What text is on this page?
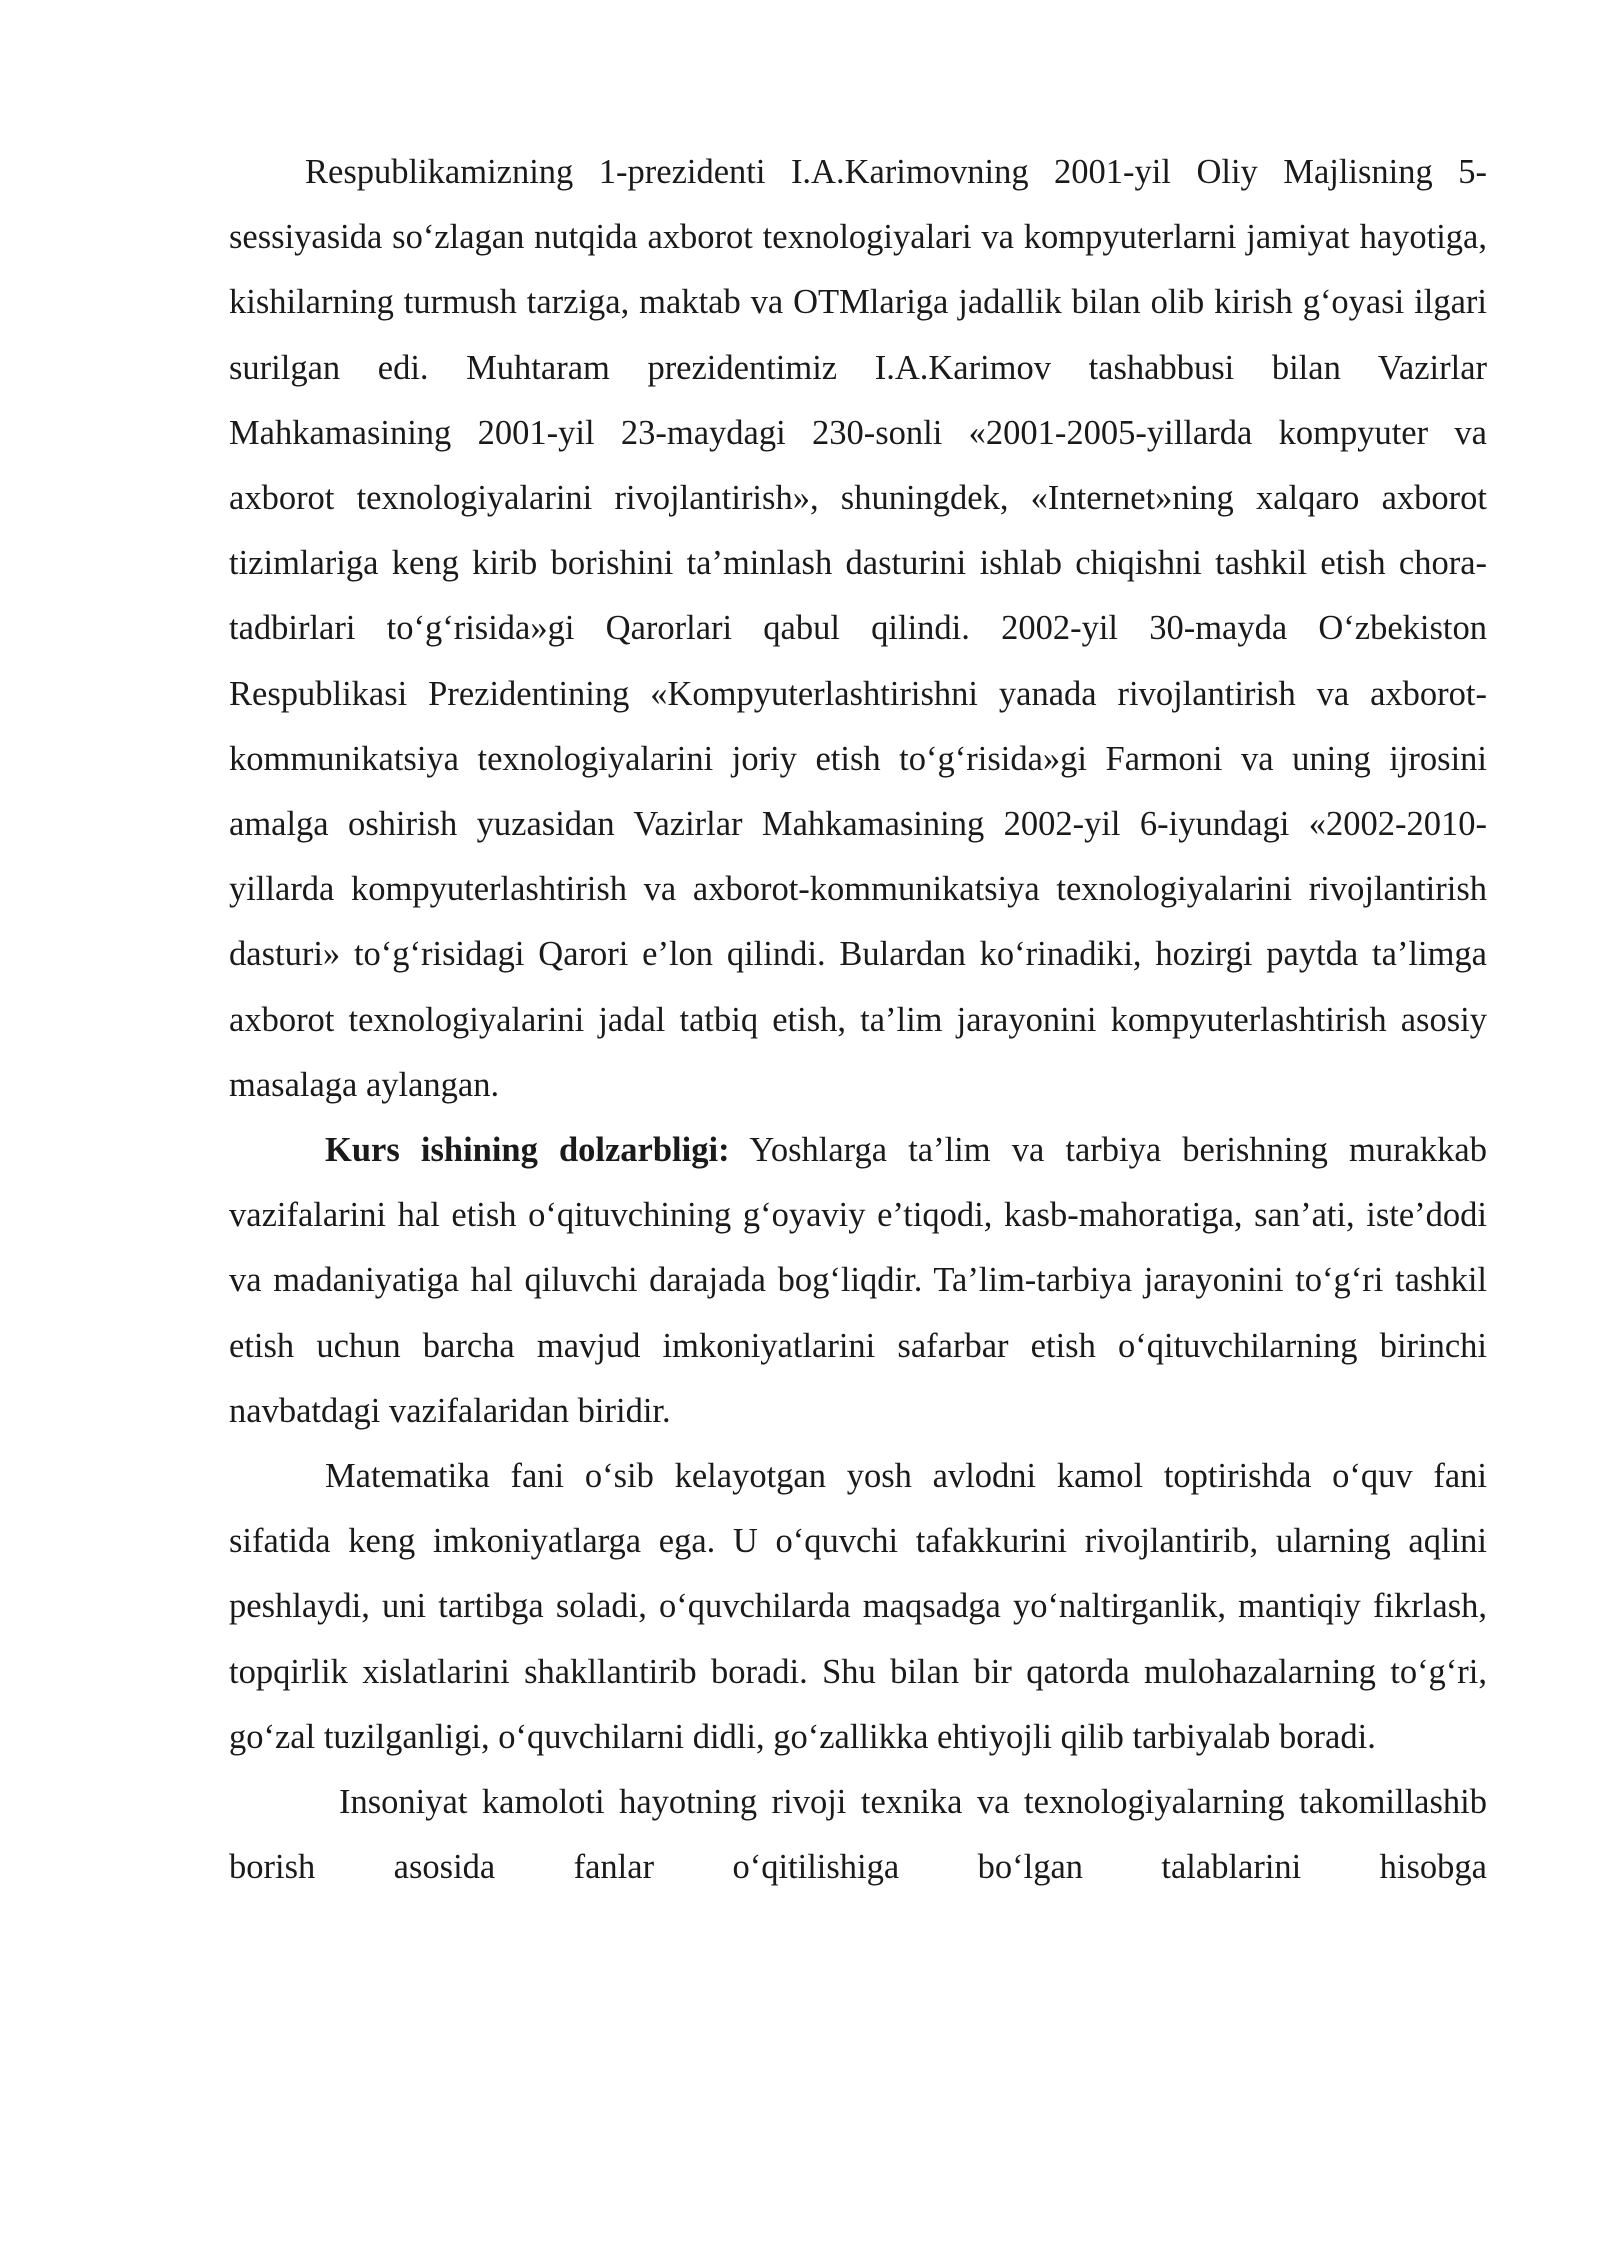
Respublikamizning 1-prezidenti I.A.Karimovning 2001-yil Oliy Majlisning 5-sessiyasida so‘zlagan nutqida axborot texnologiyalari va kompyuterlarni jamiyat hayotiga, kishilarning turmush tarziga, maktab va OTMlariga jadallik bilan olib kirish g‘oyasi ilgari surilgan edi. Muhtaram prezidentimiz I.A.Karimov tashabbusi bilan Vazirlar Mahkamasining 2001-yil 23-maydagi 230-sonli «2001-2005-yillarda kompyuter va axborot texnologiyalarini rivojlantirish», shuningdek, «Internet»ning xalqaro axborot tizimlariga keng kirib borishini ta’minlash dasturini ishlab chiqishni tashkil etish chora-tadbirlari to‘g‘risida»gi Qarorlari qabul qilindi. 2002-yil 30-mayda O‘zbekiston Respublikasi Prezidentining «Kompyuterlashtirishni yanada rivojlantirish va axborot-kommunikatsiya texnologiyalarini joriy etish to‘g‘risida»gi Farmoni va uning ijrosini amalga oshirish yuzasidan Vazirlar Mahkamasining 2002-yil 6-iyundagi «2002-2010-yillarda kompyuterlashtirish va axborot-kommunikatsiya texnologiyalarini rivojlantirish dasturi» to‘g‘risidagi Qarori e’lon qilindi. Bulardan ko‘rinadiki, hozirgi paytda ta’limga axborot texnologiyalarini jadal tatbiq etish, ta’lim jarayonini kompyuterlashtirish asosiy masalaga aylangan.

Kurs ishining dolzarbligi: Yoshlarga ta’lim va tarbiya berishning murakkab vazifalarini hal etish o‘qituvchining g‘oyaviy e’tiqodi, kasb-mahoratiga, san’ati, iste’dodi va madaniyatiga hal qiluvchi darajada bog‘liqdir. Ta’lim-tarbiya jarayonini to‘g‘ri tashkil etish uchun barcha mavjud imkoniyatlarini safarbar etish o‘qituvchilarning birinchi navbatdagi vazifalaridan biridir.

Matematika fani o‘sib kelayotgan yosh avlodni kamol toptirishda o‘quv fani sifatida keng imkoniyatlarga ega. U o‘quvchi tafakkurini rivojlantirib, ularning aqlini peshlaydi, uni tartibga soladi, o‘quvchilarda maqsadga yo‘naltirganlik, mantiqiy fikrlash, topqirlik xislatlarini shakllantirib boradi. Shu bilan bir qatorda mulohazalarning to‘g‘ri, go‘zal tuzilganligi, o‘quvchilarni didli, go‘zallikka ehtiyojli qilib tarbiyalab boradi.

Insoniyat kamoloti hayotning rivoji texnika va texnologiyalarning takomillashib borish asosida fanlar o‘qitilishiga bo‘lgan talablarini hisobga
